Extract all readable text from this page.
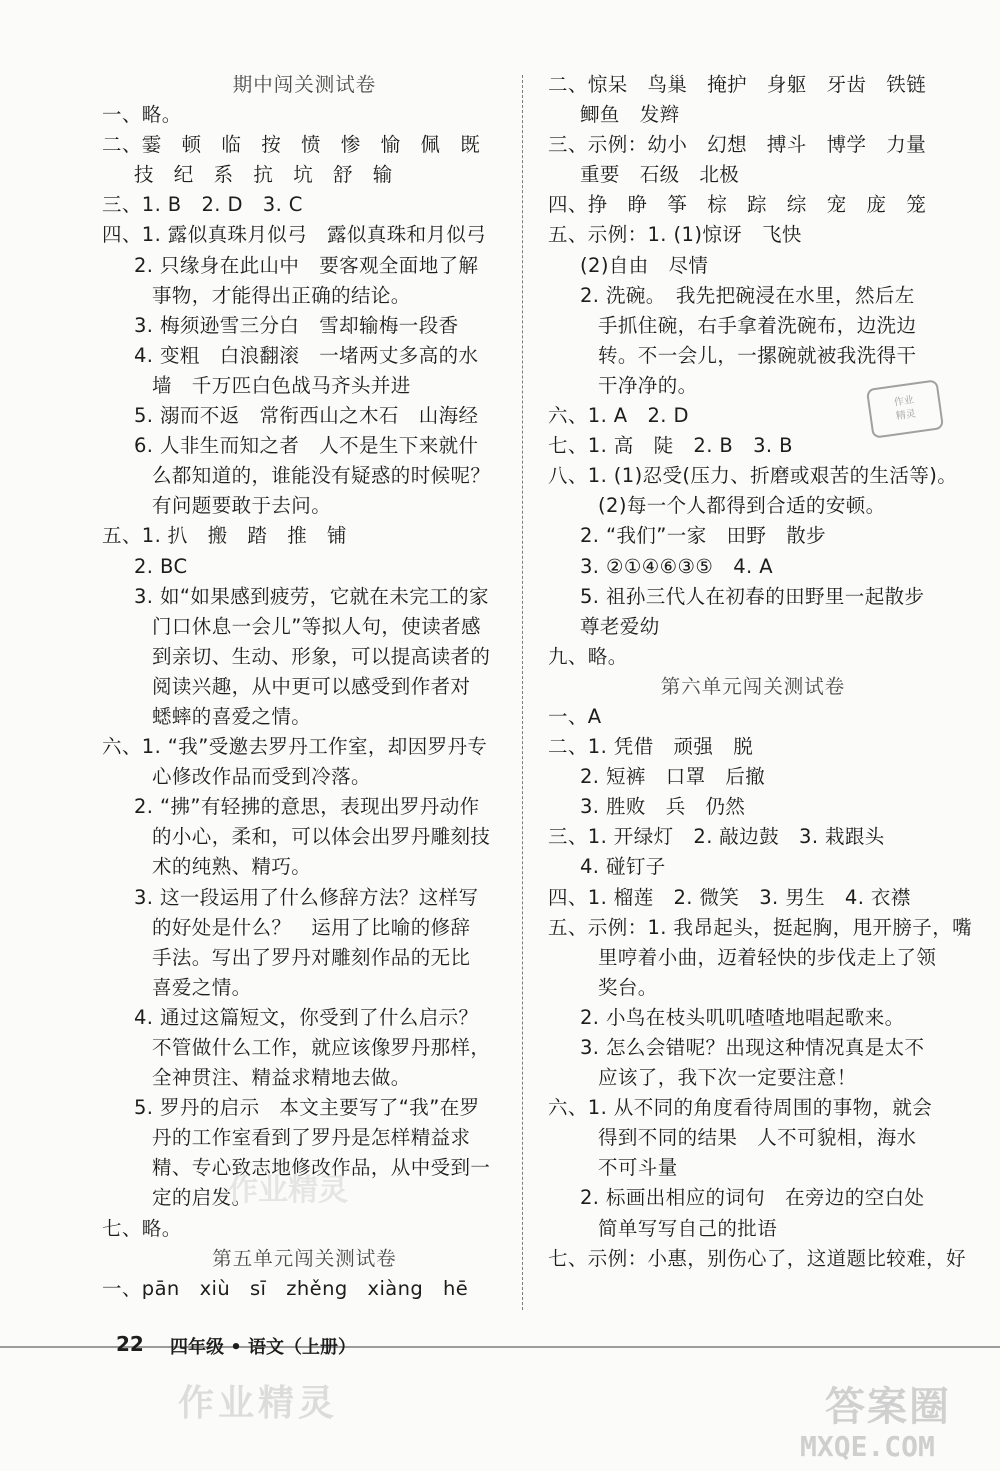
期中闯关测试卷
一、略。
二、霎　顿　临　按　愤　惨　愉　佩　既
技　纪　系　抗　坑　舒　输
三、1. B　2. D　3. C
四、1. 露似真珠月似弓　露似真珠和月似弓
2. 只缘身在此山中　要客观全面地了解
事物，才能得出正确的结论。
3. 梅须逊雪三分白　雪却输梅一段香
4. 变粗　白浪翻滚　一堵两丈多高的水
墙　千万匹白色战马齐头并进
5. 溺而不返　常衔西山之木石　山海经
6. 人非生而知之者　人不是生下来就什
么都知道的，谁能没有疑惑的时候呢？
有问题要敢于去问。
五、1. 扒　搬　踏　推　铺
2. BC
3. 如“如果感到疲劳，它就在未完工的家
门口休息一会儿”等拟人句，使读者感
到亲切、生动、形象，可以提高读者的
阅读兴趣，从中更可以感受到作者对
蟋蟀的喜爱之情。
六、1. “我”受邀去罗丹工作室，却因罗丹专
心修改作品而受到冷落。
2. “拂”有轻拂的意思，表现出罗丹动作
的小心，柔和，可以体会出罗丹雕刻技
术的纯熟、精巧。
3. 这一段运用了什么修辞方法？这样写
的好处是什么？　运用了比喻的修辞
手法。写出了罗丹对雕刻作品的无比
喜爱之情。
4. 通过这篇短文，你受到了什么启示？
不管做什么工作，就应该像罗丹那样，
全神贯注、精益求精地去做。
5. 罗丹的启示　本文主要写了“我”在罗
丹的工作室看到了罗丹是怎样精益求
精、专心致志地修改作品，从中受到一
定的启发。
七、略。
第五单元闯关测试卷
一、pān　xiù　sī　zhěng　xiàng　hē
二、惊呆　鸟巢　掩护　身躯　牙齿　铁链
鲫鱼　发辫
三、示例：幼小　幻想　搏斗　博学　力量
重要　石级　北极
四、挣　睁　筝　棕　踪　综　宠　庞　笼
五、示例：1. (1)惊讶　飞快
(2)自由　尽情
2. 洗碗。　我先把碗浸在水里，然后左
手抓住碗，右手拿着洗碗布，边洗边
转。不一会儿，一摞碗就被我洗得干
干净净的。
六、1. A　2. D
七、1. 高　陡　2. B　3. B
八、1. (1)忍受(压力、折磨或艰苦的生活等)。
(2)每一个人都得到合适的安顿。
2. “我们”一家　田野　散步
3. ②①④⑥③⑤　4. A
5. 祖孙三代人在初春的田野里一起散步
尊老爱幼
九、略。
第六单元闯关测试卷
一、A
二、1. 凭借　顽强　脱
2. 短裤　口罩　后撤
3. 胜败　兵　仍然
三、1. 开绿灯　2. 敲边鼓　3. 栽跟头
4. 碰钉子
四、1. 榴莲　2. 微笑　3. 男生　4. 衣襟
五、示例：1. 我昂起头，挺起胸，甩开膀子，嘴
里哼着小曲，迈着轻快的步伐走上了领
奖台。
2. 小鸟在枝头叽叽喳喳地唱起歌来。
3. 怎么会错呢？出现这种情况真是太不
应该了，我下次一定要注意！
六、1. 从不同的角度看待周围的事物，就会
得到不同的结果　人不可貌相，海水
不可斗量
2. 标画出相应的词句　在旁边的空白处
简单写写自己的批语
七、示例：小惠，别伤心了，这道题比较难，好
作业
精灵
作业精灵
22 四年级 • 语文（上册）
作业精灵	答案圈
MXQE.COM
